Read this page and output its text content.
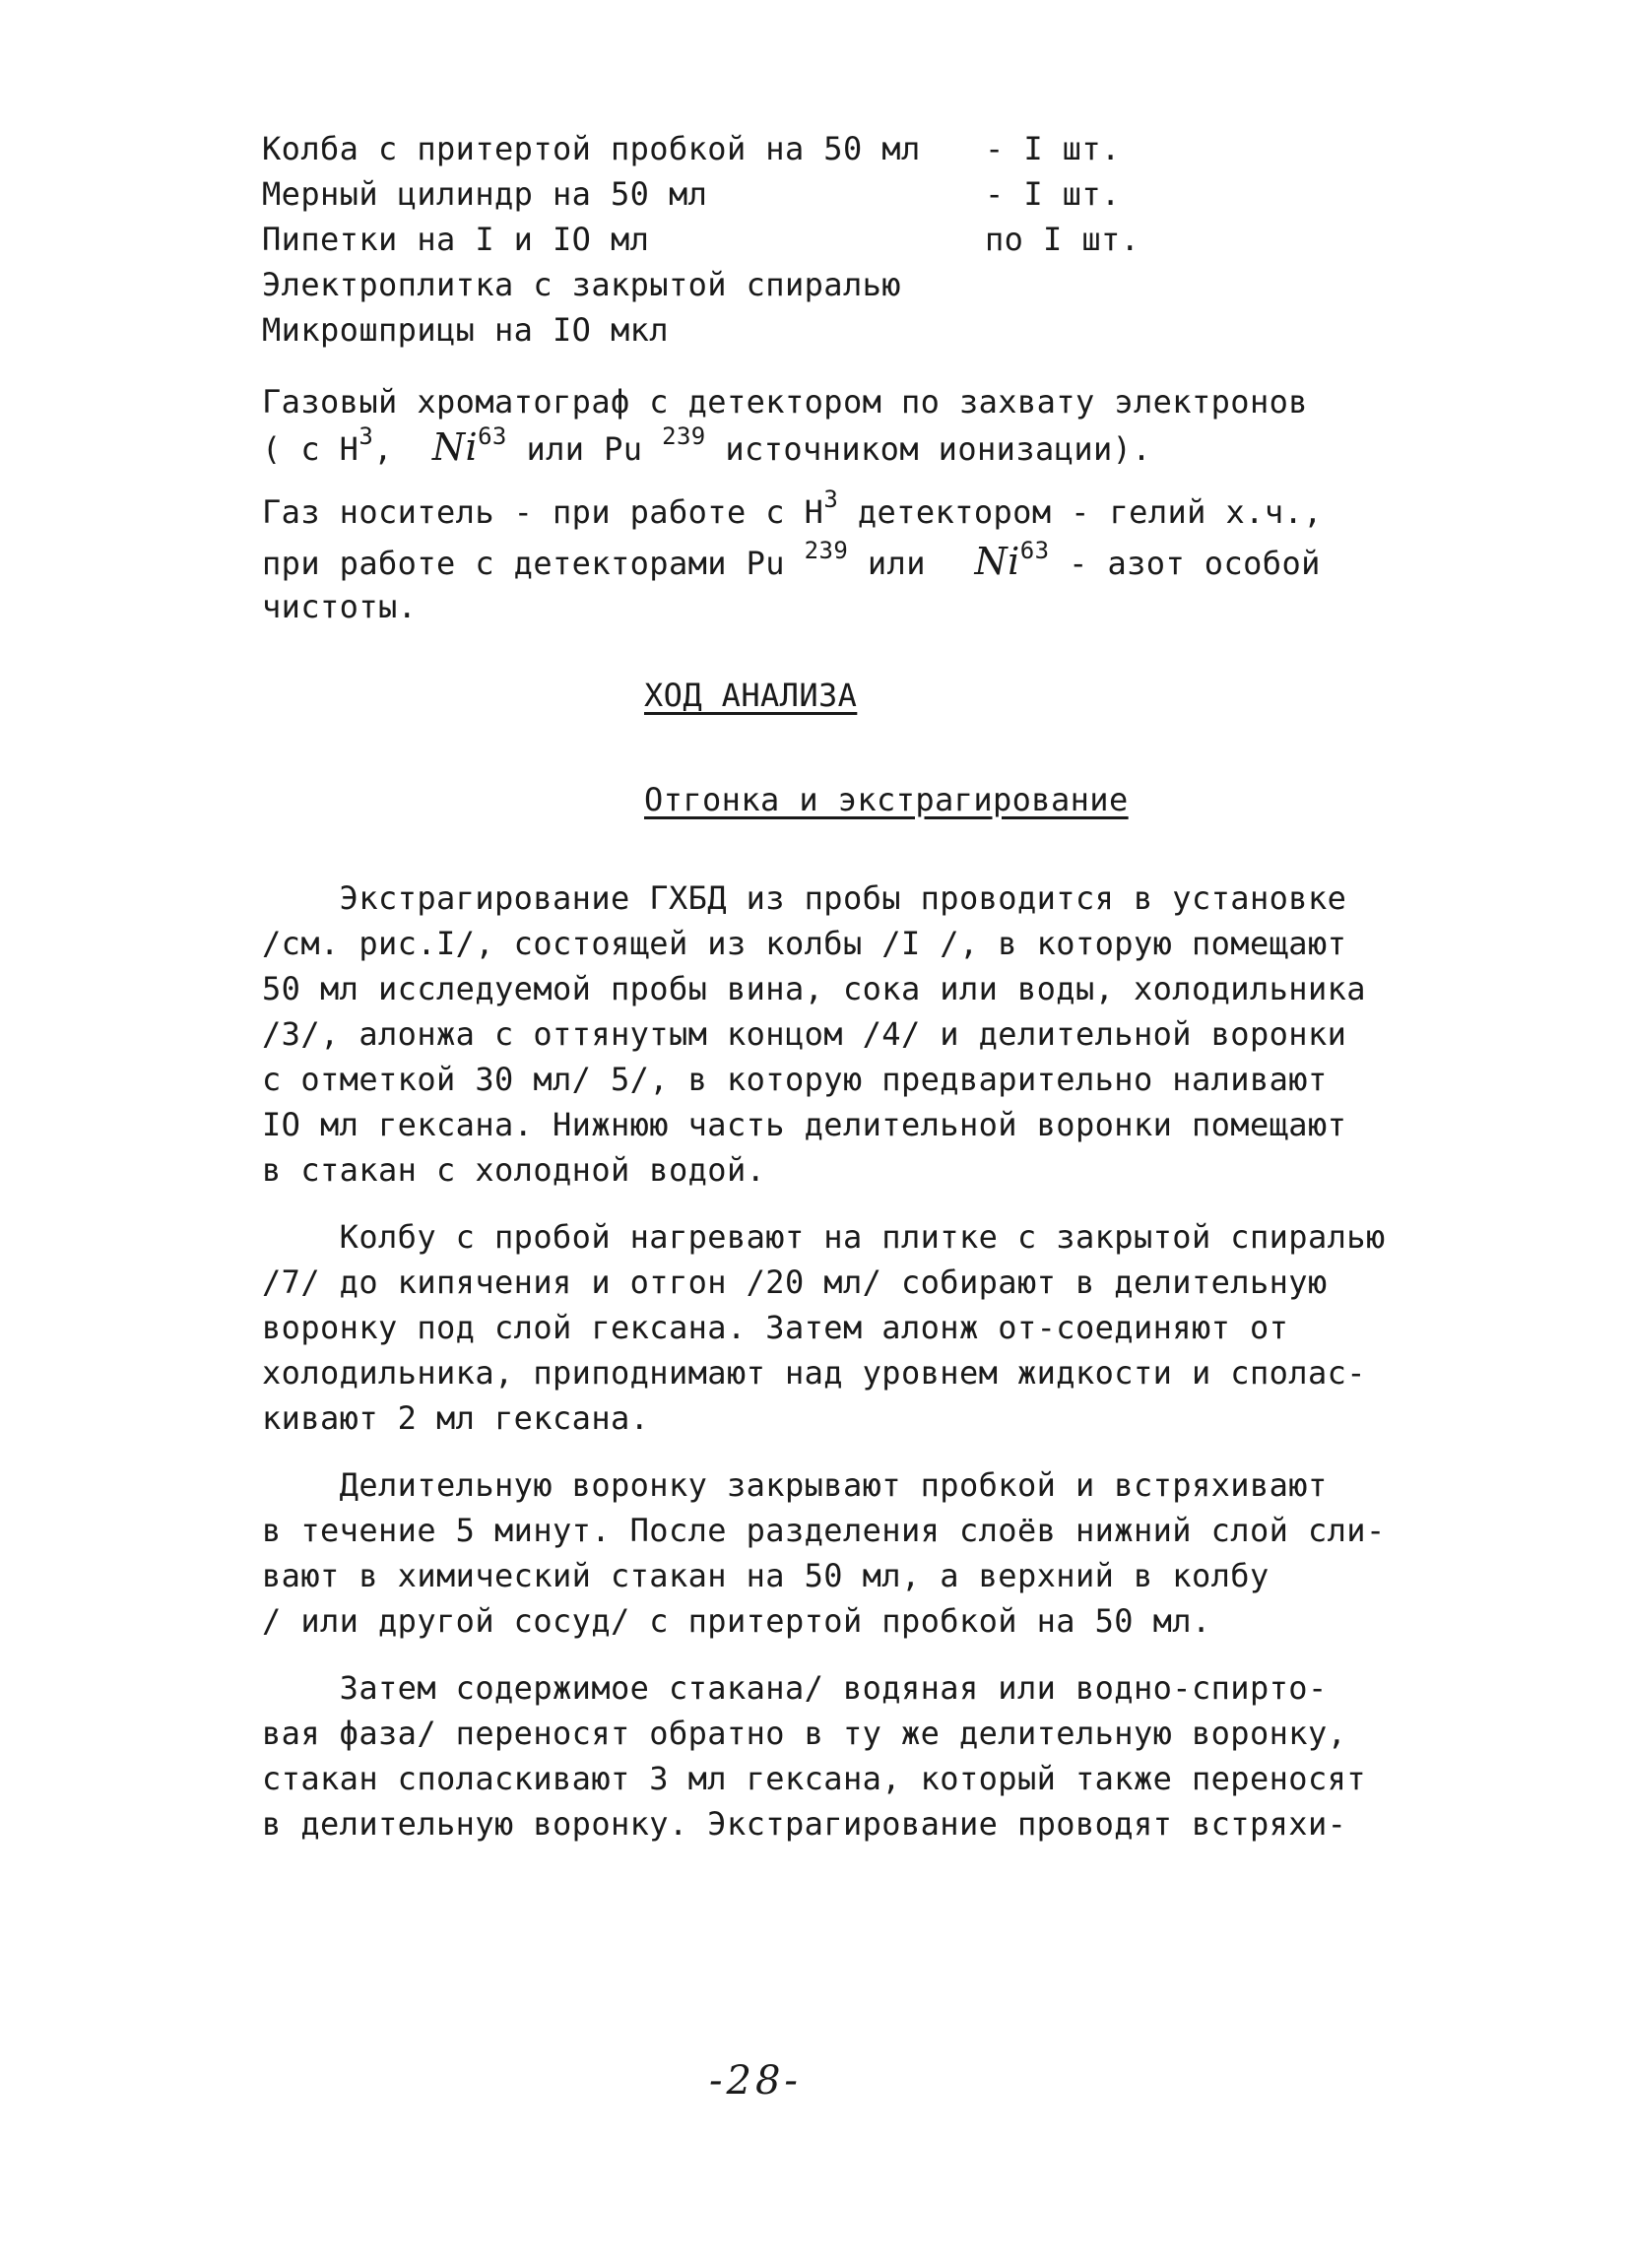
Колба с притертой пробкой на 50 мл - I шт.
Мерный цилиндр на 50 мл	- I шт.
Пипетки на I и IO мл	по I шт.
Электроплитка с закрытой спиралью
Микрошприцы на IO мкл
Газовый хроматограф с детектором по захвату электронов
( с $H^3$, Ni$^{63}$ или Pu $^{239}$ источником ионизации).
Газ носитель - при работе с $H^3$ детектором - гелий х.ч.,
при работе с детекторами Pu $^{239}$ или Ni$^{63}$ - азот особой
чистоты.
ХОД АНАЛИЗА
Отгонка и экстрагирование
Экстрагирование ГХБД из пробы проводится в установке
/см. рис.I/, состоящей из колбы /I /, в которую помещают
50 мл исследуемой пробы вина, сока или воды, холодильника
/3/, алонжа с оттянутым концом /4/ и делительной воронки
с отметкой 30 мл/ 5/, в которую предварительно наливают
IO мл гексана. Нижнюю часть делительной воронки помещают
в стакан с холодной водой.
Колбу с пробой нагревают на плитке с закрытой спиралью
/7/ до кипячения и отгон /20 мл/ собирают в делительную
воронку под слой гексана. Затем алонж от-соединяют от
холодильника, приподнимают над уровнем жидкости и сполас-
кивают 2 мл гексана.
Делительную воронку закрывают пробкой и встряхивают
в течение 5 минут. После разделения слоёв нижний слой сли-
вают в химический стакан на 50 мл, а верхний в колбу
/ или другой сосуд/ с притертой пробкой на 50 мл.
Затем содержимое стакана/ водяная или водно-спирто-
вая фаза/ переносят обратно в ту же делительную воронку,
стакан споласкивают 3 мл гексана, который также переносят
в делительную воронку. Экстрагирование проводят встряхи-
-28-
